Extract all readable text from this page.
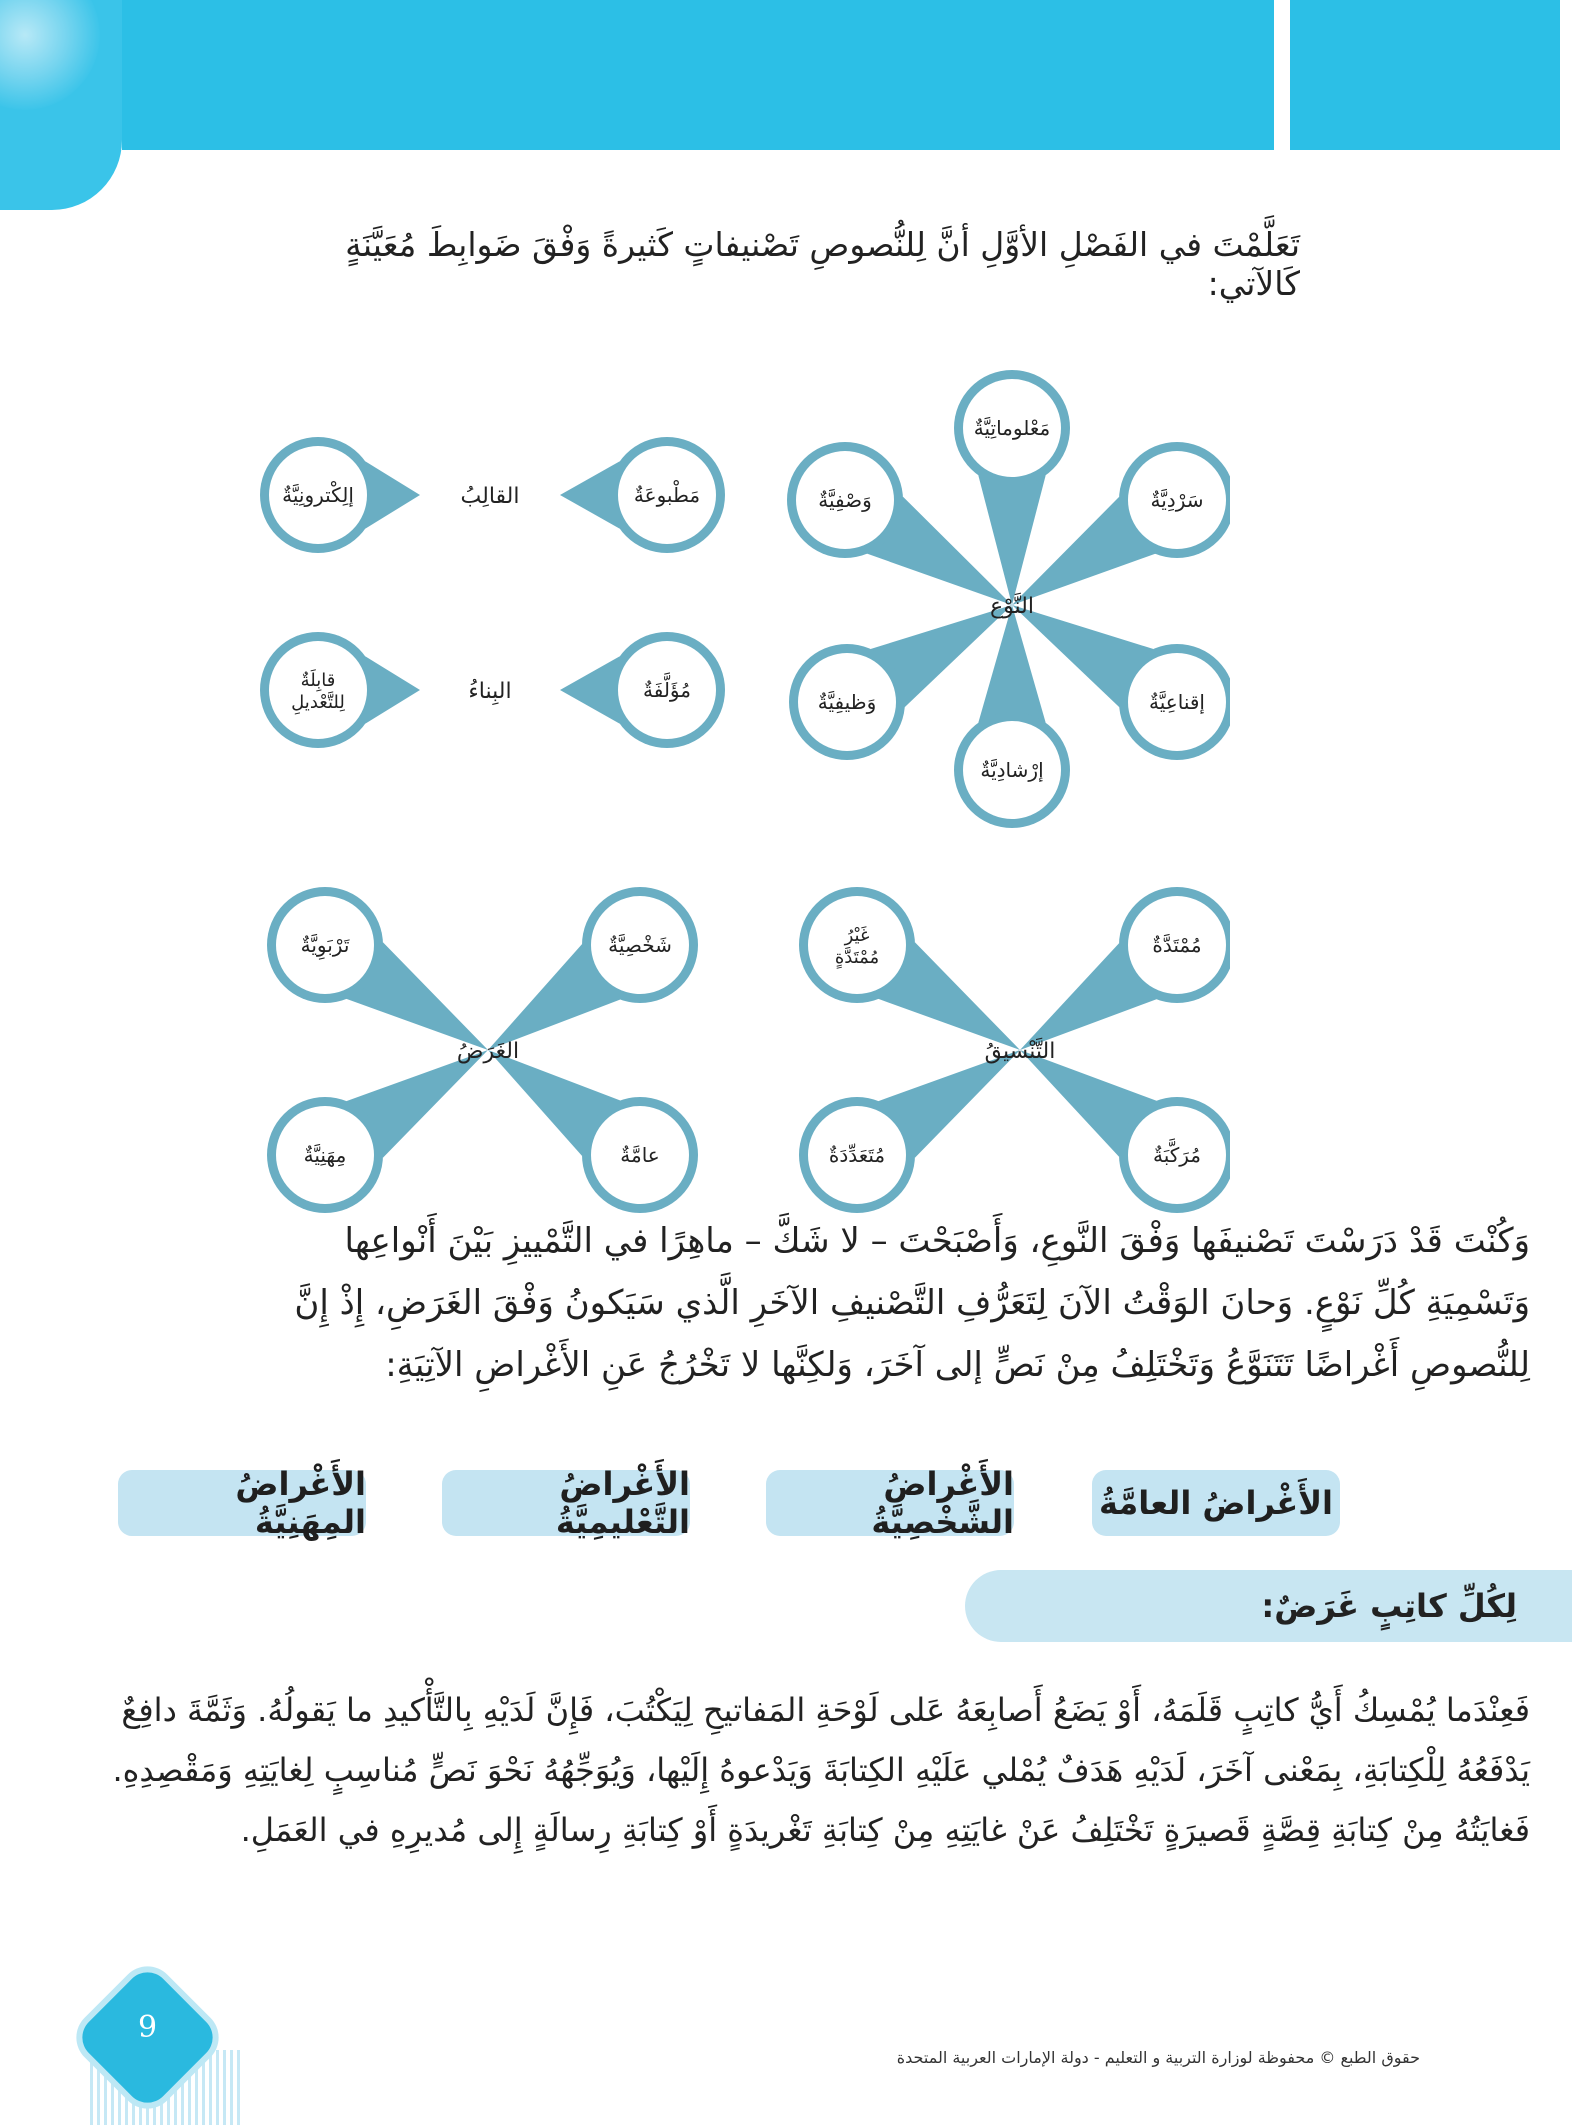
تَعَلَّمْتَ في الفَصْلِ الأوَّلِ أنَّ لِلنُّصوصِ تَصْنيفاتٍ كَثيرةً وَفْقَ ضَوابِطَ مُعَيَّنَةٍ كَالآتي:

مَعْلوماتِيَّةٌ
سَرْدِيَّةٌ
وَصْفِيَّةٌ
إقناعِيَّةٌ
وَظيفِيَّةٌ
إرْشادِيَّةٌ
النَّوْع
مَطْبوعَةٌ
إلِكْترونِيَّةٌ	القالِبُ
مُؤَلَّفَةٌ
قابِلَةٌ
لِلتَّعْديلِ	البِناءُ
مُمْتَدَّةٌ
غَيْرُ
مُمْتَدَّةٍ
مُرَكَّبَةٌ
مُتَعَدِّدَةٌ
التَّنْسيقُ
شَخْصِيَّةٌ
تَرْبَوِيَّةٌ
عامَّةٌ
مِهَنِيَّةٌ
الغَرَضُ

وَكُنْتَ قَدْ دَرَسْتَ تَصْنيفَها وَفْقَ النَّوعِ، وَأَصْبَحْتَ – لا شَكَّ – ماهِرًا في التَّمْييزِ بَيْنَ أَنْواعِها وَتَسْمِيَةِ كُلِّ نَوْعٍ. وَحانَ الوَقْتُ الآنَ لِتَعَرُّفِ التَّصْنيفِ الآخَرِ الَّذي سَيَكونُ وَفْقَ الغَرَضِ، إِذْ إِنَّ لِلنُّصوصِ أَغْراضًا تَتَنَوَّعُ وَتَخْتَلِفُ مِنْ نَصٍّ إلى آخَرَ، وَلكِنَّها لا تَخْرُجُ عَنِ الأَغْراضِ الآتِيَةِ:

الأَغْراضُ العامَّةُ
الأَغْراضُ الشَّخْصِيَّةُ
الأَغْراضُ التَّعْليمِيَّةُ
الأَغْراضُ المِهَنِيَّةُ
لِكُلِّ كاتِبٍ غَرَضٌ:

فَعِنْدَما يُمْسِكُ أَيُّ كاتِبٍ قَلَمَهُ، أَوْ يَضَعُ أَصابِعَهُ عَلى لَوْحَةِ المَفاتيحِ لِيَكْتُبَ، فَإِنَّ لَدَيْهِ بِالتَّأْكيدِ ما يَقولُهُ. وَثَمَّةَ دافِعٌ يَدْفَعُهُ لِلْكِتابَةِ، بِمَعْنى آخَرَ، لَدَيْهِ هَدَفٌ يُمْلي عَلَيْهِ الكِتابَةَ وَيَدْعوهُ إِلَيْها، وَيُوَجِّهُهُ نَحْوَ نَصٍّ مُناسِبٍ لِغايَتِهِ وَمَقْصِدِهِ. فَغايَتُهُ مِنْ كِتابَةِ قِصَّةٍ قَصيرَةٍ تَخْتَلِفُ عَنْ غايَتِهِ مِنْ كِتابَةِ تَغْريدَةٍ أَوْ كِتابَةِ رِسالَةٍ إِلى مُديرِهِ في العَمَلِ.

9
حقوق الطبع © محفوظة لوزارة التربية و التعليم - دولة الإمارات العربية المتحدة
